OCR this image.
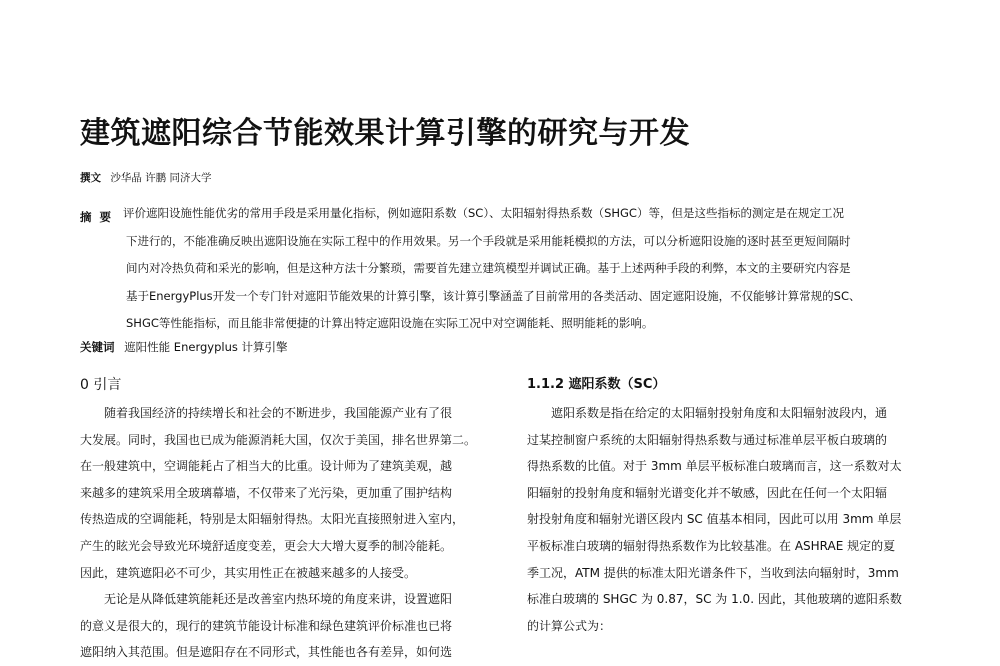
建筑遮阳综合节能效果计算引擎的研究与开发
撰文 沙华晶 许鹏 同济大学
摘要 评价遮阳设施性能优劣的常用手段是采用量化指标，例如遮阳系数（SC）、太阳辐射得热系数（SHGC）等，但是这些指标的测定是在规定工况
下进行的，不能准确反映出遮阳设施在实际工程中的作用效果。另一个手段就是采用能耗模拟的方法，可以分析遮阳设施的逐时甚至更短间隔时
间内对冷热负荷和采光的影响，但是这种方法十分繁琐，需要首先建立建筑模型并调试正确。基于上述两种手段的利弊，本文的主要研究内容是
基于EnergyPlus开发一个专门针对遮阳节能效果的计算引擎，该计算引擎涵盖了目前常用的各类活动、固定遮阳设施，不仅能够计算常规的SC、
SHGC等性能指标，而且能非常便捷的计算出特定遮阳设施在实际工况中对空调能耗、照明能耗的影响。
关键词 遮阳性能 Energyplus 计算引擎
0 引言
随着我国经济的持续增长和社会的不断进步，我国能源产业有了很
大发展。同时，我国也已成为能源消耗大国，仅次于美国，排名世界第二。
在一般建筑中，空调能耗占了相当大的比重。设计师为了建筑美观，越
来越多的建筑采用全玻璃幕墙，不仅带来了光污染，更加重了围护结构
传热造成的空调能耗，特别是太阳辐射得热。太阳光直接照射进入室内，
产生的眩光会导致光环境舒适度变差，更会大大增大夏季的制冷能耗。
因此，建筑遮阳必不可少，其实用性正在被越来越多的人接受。
无论是从降低建筑能耗还是改善室内热环境的角度来讲，设置遮阳
的意义是很大的，现行的建筑节能设计标准和绿色建筑评价标准也已将
遮阳纳入其范围。但是遮阳存在不同形式，其性能也各有差异，如何选
1.1.2 遮阳系数（SC）
遮阳系数是指在给定的太阳辐射投射角度和太阳辐射波段内，通
过某控制窗户系统的太阳辐射得热系数与通过标准单层平板白玻璃的
得热系数的比值。对于 3mm 单层平板标准白玻璃而言，这一系数对太
阳辐射的投射角度和辐射光谱变化并不敏感，因此在任何一个太阳辐
射投射角度和辐射光谱区段内 SC 值基本相同，因此可以用 3mm 单层
平板标准白玻璃的辐射得热系数作为比较基准。在 ASHRAE 规定的夏
季工况，ATM 提供的标准太阳光谱条件下，当收到法向辐射时，3mm
标准白玻璃的 SHGC 为 0.87，SC 为 1.0. 因此，其他玻璃的遮阳系数
的计算公式为：
